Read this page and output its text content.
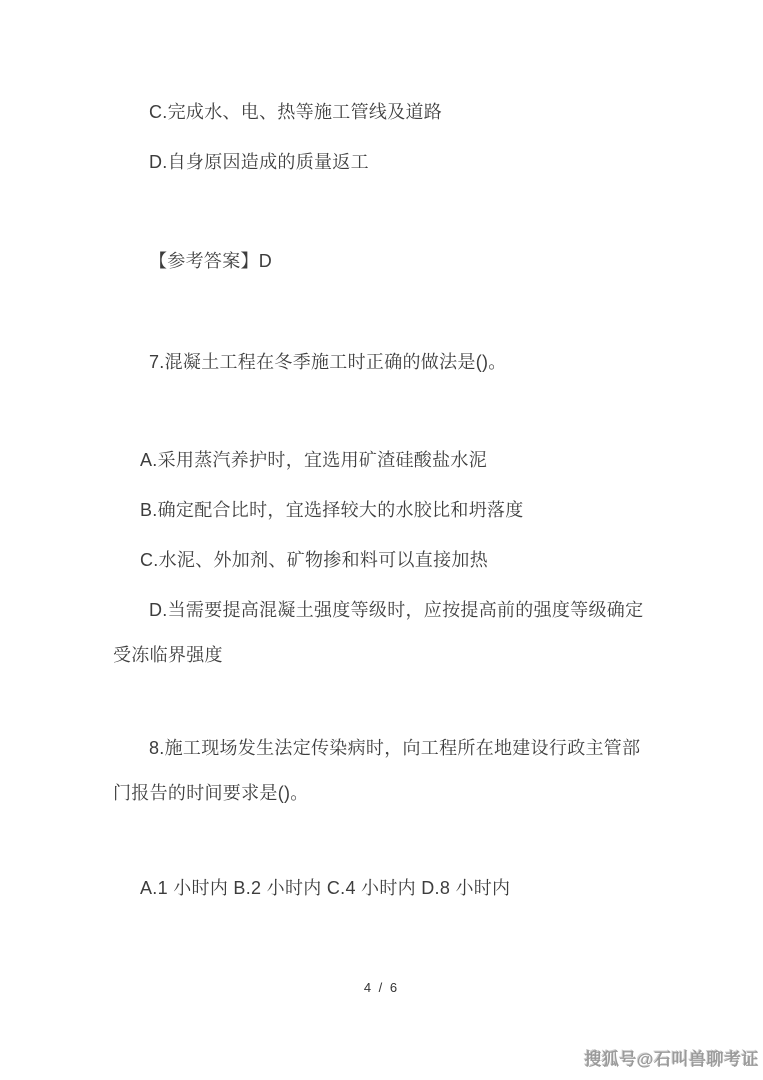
C.完成水、电、热等施工管线及道路

D.自身原因造成的质量返工

【参考答案】D

7.混凝土工程在冬季施工时正确的做法是()。

A.采用蒸汽养护时，宜选用矿渣硅酸盐水泥

B.确定配合比时，宜选择较大的水胶比和坍落度

C.水泥、外加剂、矿物掺和料可以直接加热

D.当需要提高混凝土强度等级时，应按提高前的强度等级确定受冻临界强度

8.施工现场发生法定传染病时，向工程所在地建设行政主管部门报告的时间要求是()。

A.1 小时内 B.2 小时内 C.4 小时内 D.8 小时内

4 / 6
搜狐号@石叫兽聊考证
